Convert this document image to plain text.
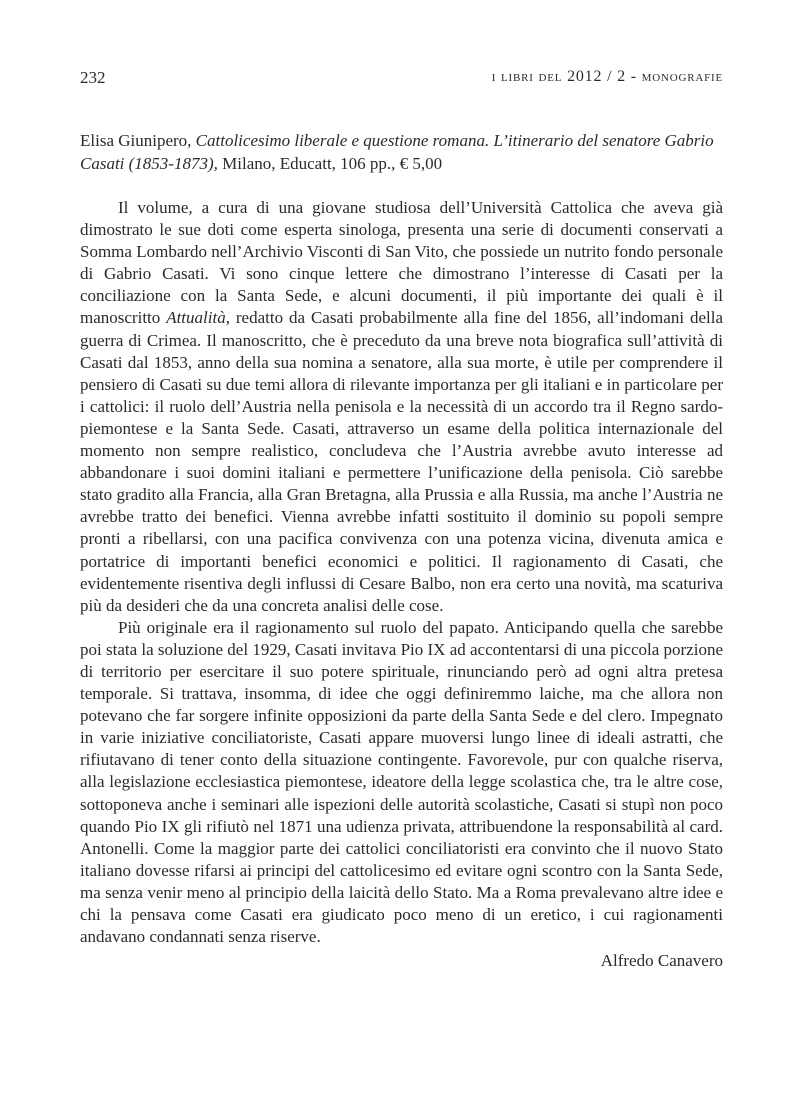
232	i libri del 2012 / 2 - monografie
Elisa Giunipero, Cattolicesimo liberale e questione romana. L’itinerario del senatore Gabrio Casati (1853-1873), Milano, Educatt, 106 pp., € 5,00

Il volume, a cura di una giovane studiosa dell’Università Cattolica che aveva già dimostrato le sue doti come esperta sinologa, presenta una serie di documenti conservati a Somma Lombardo nell’Archivio Visconti di San Vito, che possiede un nutrito fondo personale di Gabrio Casati. Vi sono cinque lettere che dimostrano l’interesse di Casati per la conciliazione con la Santa Sede, e alcuni documenti, il più importante dei quali è il manoscritto Attualità, redatto da Casati probabilmente alla fine del 1856, all’indomani della guerra di Crimea. Il manoscritto, che è preceduto da una breve nota biografica sull’attività di Casati dal 1853, anno della sua nomina a senatore, alla sua morte, è utile per comprendere il pensiero di Casati su due temi allora di rilevante importanza per gli italiani e in particolare per i cattolici: il ruolo dell’Austria nella penisola e la necessità di un accordo tra il Regno sardo-piemontese e la Santa Sede. Casati, attraverso un esame della politica internazionale del momento non sempre realistico, concludeva che l’Austria avrebbe avuto interesse ad abbandonare i suoi domini italiani e permettere l’unificazione della penisola. Ciò sarebbe stato gradito alla Francia, alla Gran Bretagna, alla Prussia e alla Russia, ma anche l’Austria ne avrebbe tratto dei benefici. Vienna avrebbe infatti sostituito il dominio su popoli sempre pronti a ribellarsi, con una pacifica convivenza con una potenza vicina, divenuta amica e portatrice di importanti benefici economici e politici. Il ragionamento di Casati, che evidentemente risentiva degli influssi di Cesare Balbo, non era certo una novità, ma scaturiva più da desideri che da una concreta analisi delle cose.

Più originale era il ragionamento sul ruolo del papato. Anticipando quella che sarebbe poi stata la soluzione del 1929, Casati invitava Pio IX ad accontentarsi di una piccola porzione di territorio per esercitare il suo potere spirituale, rinunciando però ad ogni altra pretesa temporale. Si trattava, insomma, di idee che oggi definiremmo laiche, ma che allora non potevano che far sorgere infinite opposizioni da parte della Santa Sede e del clero. Impegnato in varie iniziative conciliatoriste, Casati appare muoversi lungo linee di ideali astratti, che rifiutavano di tener conto della situazione contingente. Favorevole, pur con qualche riserva, alla legislazione ecclesiastica piemontese, ideatore della legge scolastica che, tra le altre cose, sottoponeva anche i seminari alle ispezioni delle autorità scolastiche, Casati si stupì non poco quando Pio IX gli rifiutò nel 1871 una udienza privata, attribuendone la responsabilità al card. Antonelli. Come la maggior parte dei cattolici conciliatoristi era convinto che il nuovo Stato italiano dovesse rifarsi ai principi del cattolicesimo ed evitare ogni scontro con la Santa Sede, ma senza venir meno al principio della laicità dello Stato. Ma a Roma prevalevano altre idee e chi la pensava come Casati era giudicato poco meno di un eretico, i cui ragionamenti andavano condannati senza riserve.

Alfredo Canavero
